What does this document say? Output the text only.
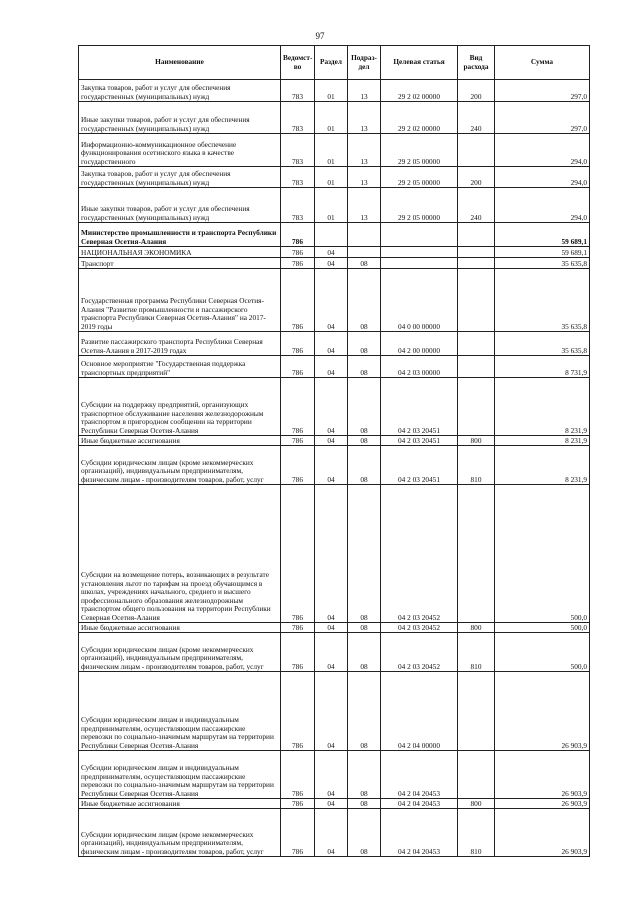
97
Наименование	Ведомст-во	Раздел	Подраз-дел	Целевая статья	Вид расхода	Сумма
Закупка товаров, работ и услуг для обеспечения государственных (муниципальных) нужд	783	01	13	29 2 02 00000	200	297,0
Иные закупки товаров, работ и услуг для обеспечения государственных (муниципальных) нужд	783	01	13	29 2 02 00000	240	297,0
Информационно-коммуникационное обеспечение функционирования осетинского языка в качестве государственного	783	01	13	29 2 05 00000		294,0
Закупка товаров, работ и услуг для обеспечения государственных (муниципальных) нужд	783	01	13	29 2 05 00000	200	294,0
Иные закупки товаров, работ и услуг для обеспечения государственных (муниципальных) нужд	783	01	13	29 2 05 00000	240	294,0
Министерство промышленности и транспорта Республики Северная Осетия-Алания	786					59 689,1
НАЦИОНАЛЬНАЯ ЭКОНОМИКА	786	04				59 689,1
Транспорт	786	04	08			35 635,8
Государственная программа Республики Северная Осетия-Алания "Развитие промышленности и пассажирского транспорта Республики Северная Осетия-Алания" на 2017-2019 годы	786	04	08	04 0 00 00000		35 635,8
Развитие пассажирского транспорта Республики Северная Осетия-Алания в 2017-2019 годах	786	04	08	04 2 00 00000		35 635,8
Основное мероприятие "Государственная поддержка транспортных предприятий"	786	04	08	04 2 03 00000		8 731,9
Субсидии на поддержку предприятий, организующих транспортное обслуживание населения железнодорожным транспортом в пригородном сообщении на территории Республики Северная Осетия-Алания	786	04	08	04 2 03 20451		8 231,9
Иные бюджетные ассигнования	786	04	08	04 2 03 20451	800	8 231,9
Субсидии юридическим лицам (кроме некоммерческих организаций), индивидуальным предпринимателям, физическим лицам - производителям товаров, работ, услуг	786	04	08	04 2 03 20451	810	8 231,9
Субсидии на возмещение потерь, возникающих в результате установления льгот по тарифам на проезд обучающимся в школах, учреждениях начального, среднего и высшего профессионального образования железнодорожным транспортом общего пользования на территории Республики Северная Осетия-Алания	786	04	08	04 2 03 20452		500,0
Иные бюджетные ассигнования	786	04	08	04 2 03 20452	800	500,0
Субсидии юридическим лицам (кроме некоммерческих организаций), индивидуальным предпринимателям, физическим лицам - производителям товаров, работ, услуг	786	04	08	04 2 03 20452	810	500,0
Субсидии юридическим лицам и индивидуальным предпринимателям, осуществляющим пассажирские перевозки по социально-значимым маршрутам на территории Республики Северная Осетия-Алания	786	04	08	04 2 04 00000		26 903,9
Субсидии юридическим лицам и индивидуальным предпринимателям, осуществляющим пассажирские перевозки по социально-значимым маршрутам на территории Республики Северная Осетия-Алания	786	04	08	04 2 04 20453		26 903,9
Иные бюджетные ассигнования	786	04	08	04 2 04 20453	800	26 903,9
Субсидии юридическим лицам (кроме некоммерческих организаций), индивидуальным предпринимателям, физическим лицам - производителям товаров, работ, услуг	786	04	08	04 2 04 20453	810	26 903,9
